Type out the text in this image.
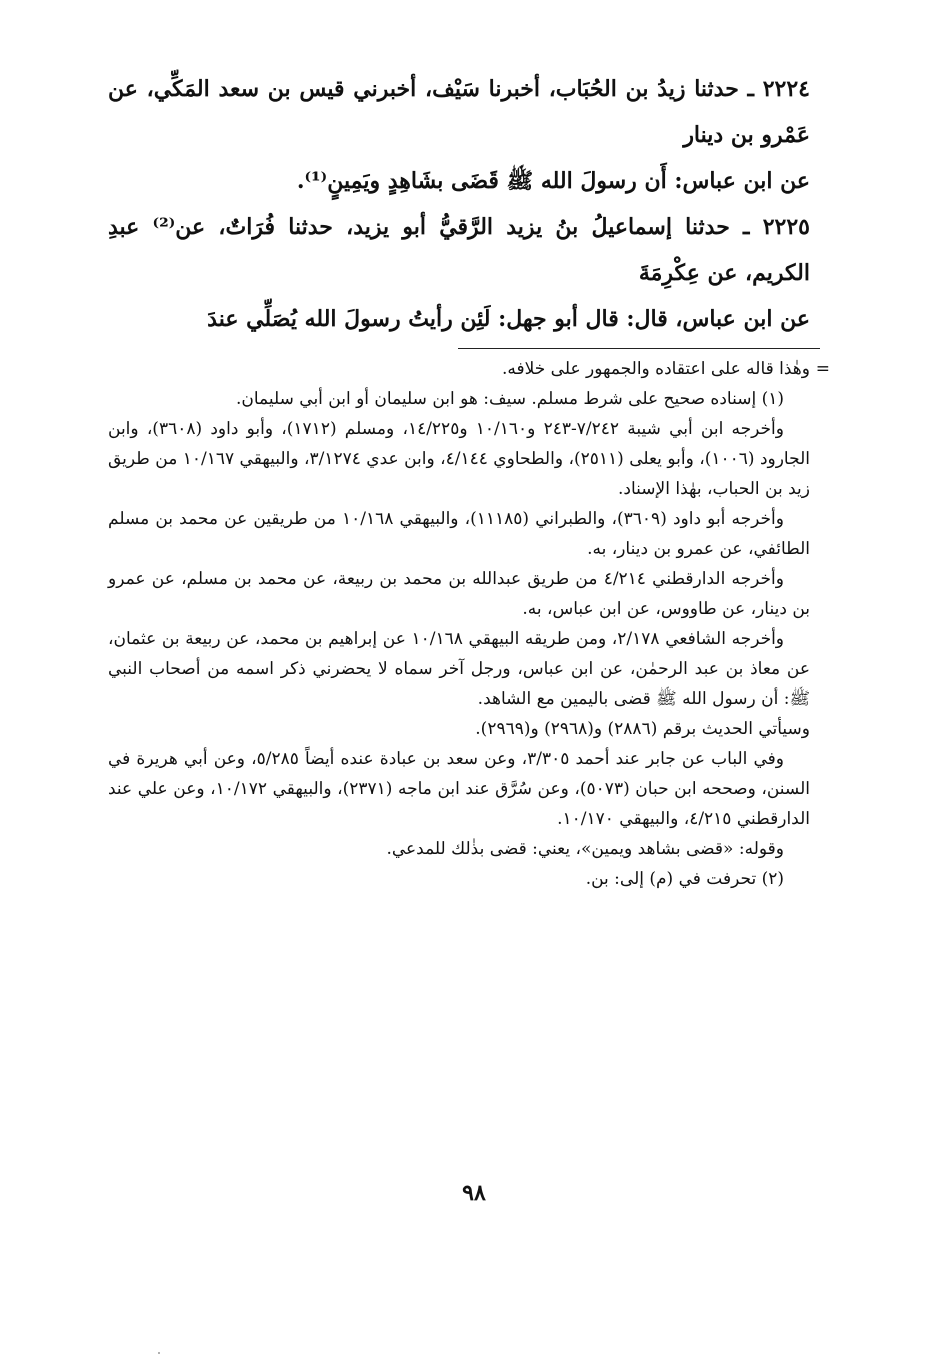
٢٢٢٤ ـ حدثنا زيدُ بن الحُبَاب، أخبرنا سَيْف، أخبرني قيس بن سعد المَكِّي، عن عَمْرو بن دينار

عن ابن عباس: أَن رسولَ الله ﷺ قَضَى بشَاهِدٍ ويَمِينٍ⁽¹⁾.

٢٢٢٥ ـ حدثنا إسماعيلُ بنُ يزيد الرَّقيُّ أبو يزيد، حدثنا فُرَاتٌ، عن⁽²⁾ عبدِ الكريم، عن عِكْرِمَةَ

عن ابن عباس، قال: قال أبو جهل: لَئِن رأيتُ رسولَ الله يُصَلِّي عندَ

=
وهٰذا قاله على اعتقاده والجمهور على خلافه.

(١) إسناده صحيح على شرط مسلم. سيف: هو ابن سليمان أو ابن أبي سليمان.

وأخرجه ابن أبي شيبة ٧/٢٤٢-٢٤٣ و١٠/١٦٠ و١٤/٢٢٥، ومسلم (١٧١٢)، وأبو داود (٣٦٠٨)، وابن الجارود (١٠٠٦)، وأبو يعلى (٢٥١١)، والطحاوي ٤/١٤٤، وابن عدي ٣/١٢٧٤، والبيهقي ١٠/١٦٧ من طريق زيد بن الحباب، بهٰذا الإسناد.

وأخرجه أبو داود (٣٦٠٩)، والطبراني (١١١٨٥)، والبيهقي ١٠/١٦٨ من طريقين عن محمد بن مسلم الطائفي، عن عمرو بن دينار، به.

وأخرجه الدارقطني ٤/٢١٤ من طريق عبدالله بن محمد بن ربيعة، عن محمد بن مسلم، عن عمرو بن دينار، عن طاووس، عن ابن عباس، به.

وأخرجه الشافعي ٢/١٧٨، ومن طريقه البيهقي ١٠/١٦٨ عن إبراهيم بن محمد، عن ربيعة بن عثمان، عن معاذ بن عبد الرحمٰن، عن ابن عباس، ورجل آخر سماه لا يحضرني ذكر اسمه من أصحاب النبي ﷺ: أن رسول الله ﷺ قضى باليمين مع الشاهد.

وسيأتي الحديث برقم (٢٨٨٦) و(٢٩٦٨) و(٢٩٦٩).

وفي الباب عن جابر عند أحمد ٣/٣٠٥، وعن سعد بن عبادة عنده أيضاً ٥/٢٨٥، وعن أبي هريرة في السنن، وصححه ابن حبان (٥٠٧٣)، وعن سُرَّق عند ابن ماجه (٢٣٧١)، والبيهقي ١٠/١٧٢، وعن علي عند الدارقطني ٤/٢١٥، والبيهقي ١٠/١٧٠.

وقوله: «قضى بشاهد ويمين»، يعني: قضى بذٰلك للمدعي.

(٢) تحرفت في (م) إلى: بن.

٩٨
